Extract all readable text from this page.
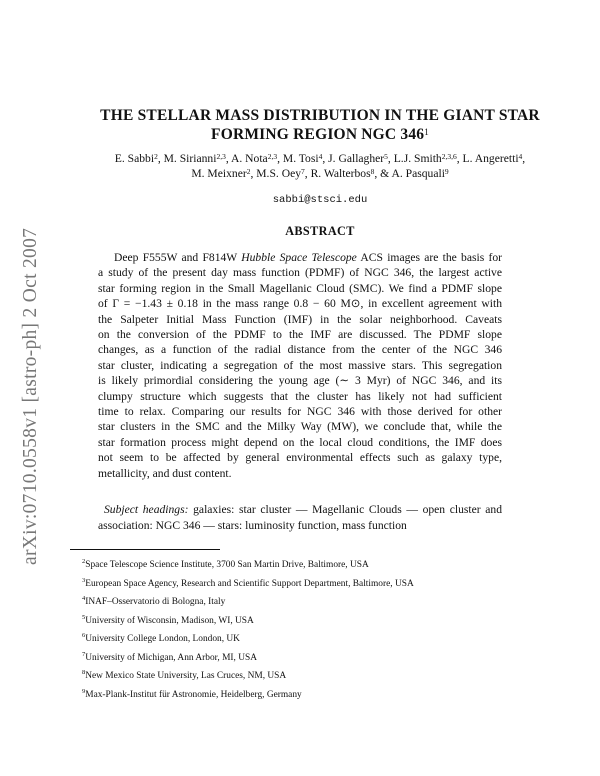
arXiv:0710.0558v1 [astro-ph] 2 Oct 2007
THE STELLAR MASS DISTRIBUTION IN THE GIANT STAR
FORMING REGION NGC $346^1$
E. Sabbi$^2$, M. Sirianni$^{2,3}$, A. Nota$^{2,3}$, M. Tosi$^4$, J. Gallagher$^5$, L.J. Smith$^{2,3,6}$, L. Angeretti$^4$,
M. Meixner$^2$, M.S. Oey$^7$, R. Walterbos$^8$, & A. Pasquali$^9$
sabbi@stsci.edu
ABSTRACT
Deep F555W and F814W Hubble Space Telescope ACS images are the basis for
a study of the present day mass function (PDMF) of NGC 346, the largest active
star forming region in the Small Magellanic Cloud (SMC). We find a PDMF slope
of Γ = −1.43 ± 0.18 in the mass range 0.8 − 60 M⊙, in excellent agreement with
the Salpeter Initial Mass Function (IMF) in the solar neighborhood. Caveats
on the conversion of the PDMF to the IMF are discussed. The PDMF slope
changes, as a function of the radial distance from the center of the NGC 346
star cluster, indicating a segregation of the most massive stars. This segregation
is likely primordial considering the young age (∼ 3 Myr) of NGC 346, and its
clumpy structure which suggests that the cluster has likely not had sufficient
time to relax. Comparing our results for NGC 346 with those derived for other
star clusters in the SMC and the Milky Way (MW), we conclude that, while the
star formation process might depend on the local cloud conditions, the IMF does
not seem to be affected by general environmental effects such as galaxy type,
metallicity, and dust content.
Subject headings: galaxies: star cluster — Magellanic Clouds — open cluster and
association: NGC 346 — stars: luminosity function, mass function
$^2$Space Telescope Science Institute, 3700 San Martin Drive, Baltimore, USA
$^3$European Space Agency, Research and Scientific Support Department, Baltimore, USA
$^4$INAF–Osservatorio di Bologna, Italy
$^5$University of Wisconsin, Madison, WI, USA
$^6$University College London, London, UK
$^7$University of Michigan, Ann Arbor, MI, USA
$^8$New Mexico State University, Las Cruces, NM, USA
$^9$Max-Plank-Institut für Astronomie, Heidelberg, Germany
